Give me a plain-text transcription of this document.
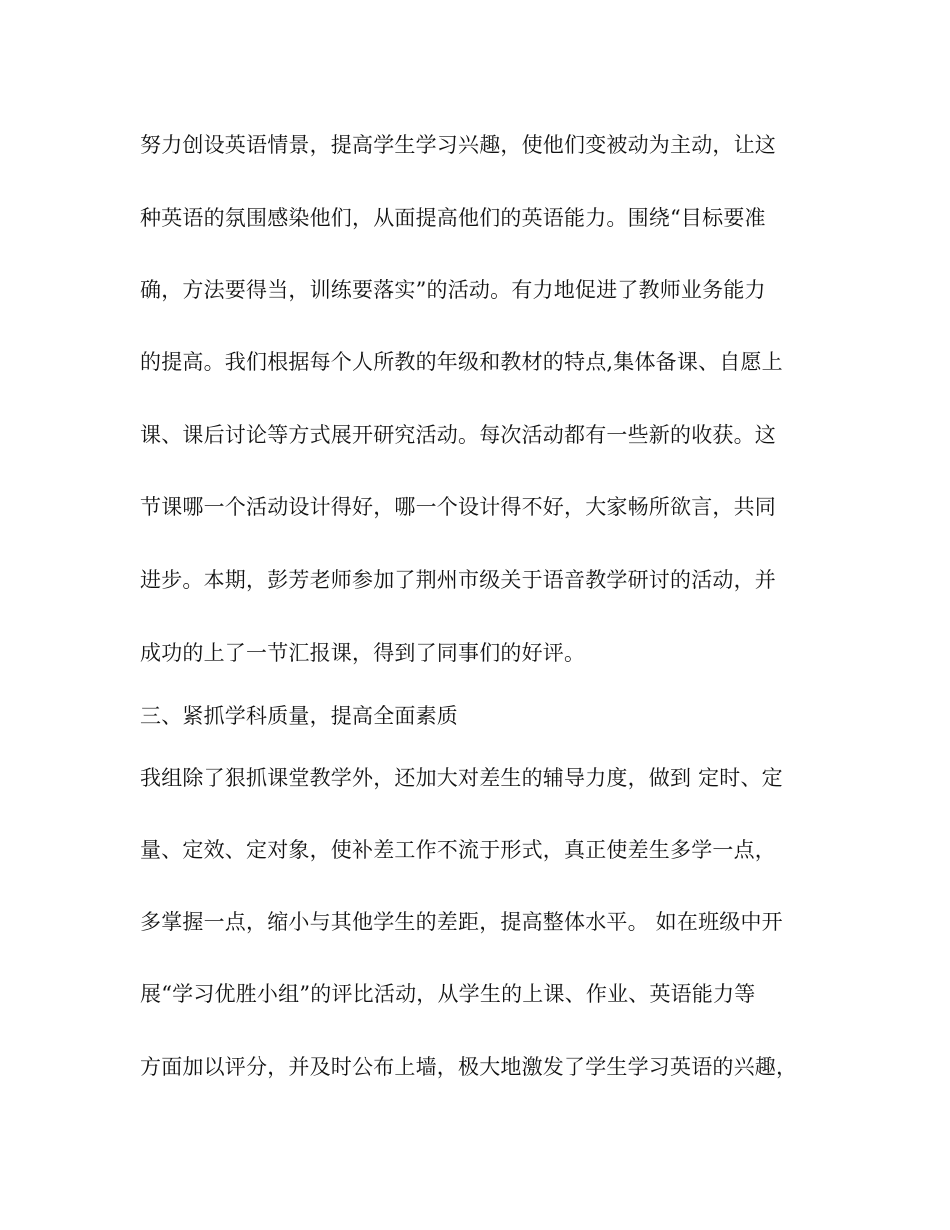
努力创设英语情景，提高学生学习兴趣，使他们变被动为主动，让这
种英语的氛围感染他们，从面提高他们的英语能力。围绕“目标要准
确，方法要得当，训练要落实”的活动。有力地促进了教师业务能力
的提高。我们根据每个人所教的年级和教材的特点,集体备课、自愿上
课、课后讨论等方式展开研究活动。每次活动都有一些新的收获。这
节课哪一个活动设计得好，哪一个设计得不好，大家畅所欲言，共同
进步。本期，彭芳老师参加了荆州市级关于语音教学研讨的活动，并
成功的上了一节汇报课，得到了同事们的好评。
三、紧抓学科质量，提高全面素质
我组除了狠抓课堂教学外，还加大对差生的辅导力度，做到 定时、定
量、定效、定对象，使补差工作不流于形式，真正使差生多学一点，
多掌握一点，缩小与其他学生的差距，提高整体水平。 如在班级中开
展“学习优胜小组”的评比活动，从学生的上课、作业、英语能力等
方面加以评分，并及时公布上墙，极大地激发了学生学习英语的兴趣，
